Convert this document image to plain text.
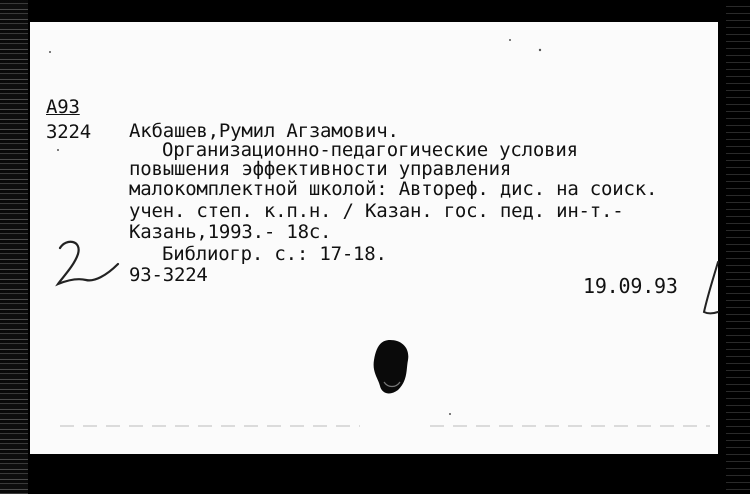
А93
3224 Акбашев,Румил Агзамович.
Организационно-педагогические условия
повышения эффективности управления
малокомплектной школой: Автореф. дис. на соиск.
учен. степ. к.п.н. / Казан. гос. пед. ин-т.-
Казань,1993.- 18с.
Библиогр. с.: 17-18.
93-3224	19.09.93
